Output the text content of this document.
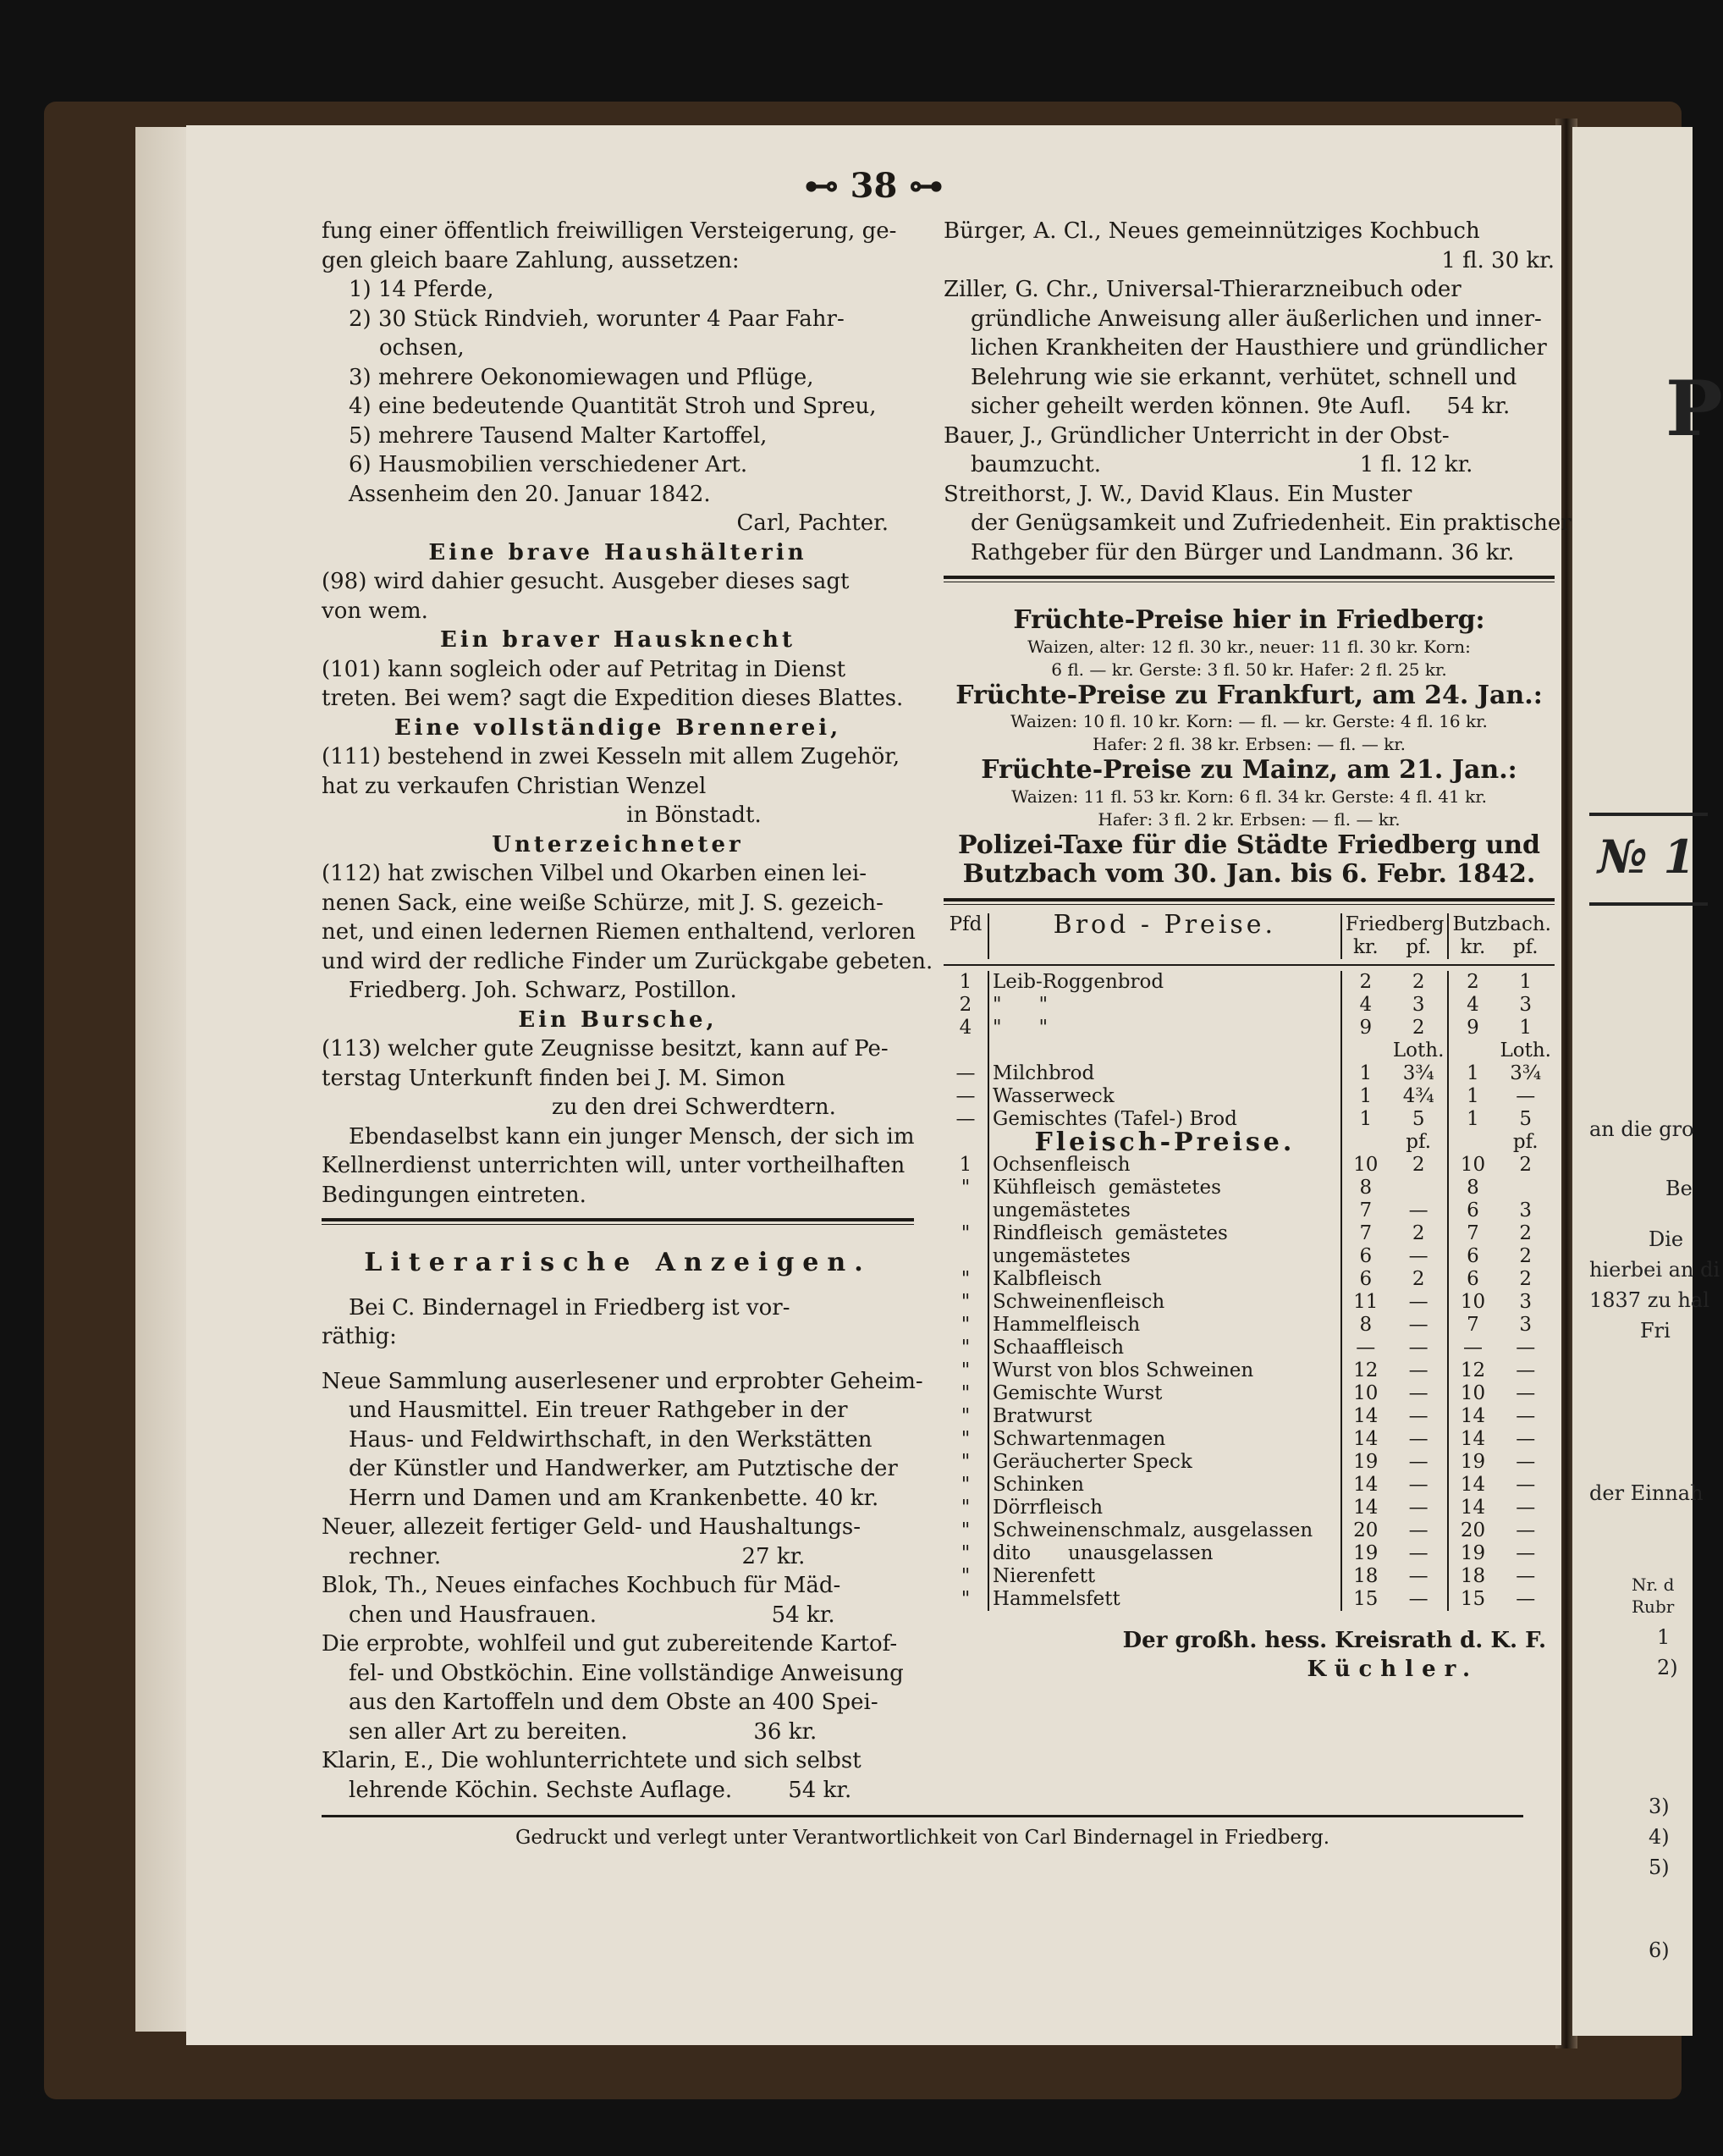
⊷ 38 ⊶
fung einer öffentlich freiwilligen Versteigerung, ge-
gen gleich baare Zahlung, aussetzen:
1) 14 Pferde,
2) 30 Stück Rindvieh, worunter 4 Paar Fahr-
ochsen,
3) mehrere Oekonomiewagen und Pflüge,
4) eine bedeutende Quantität Stroh und Spreu,
5) mehrere Tausend Malter Kartoffel,
6) Hausmobilien verschiedener Art.
Assenheim den 20. Januar 1842.
Carl, Pachter.
Eine brave Haushälterin
(98) wird dahier gesucht. Ausgeber dieses sagt
von wem.
Ein braver Hausknecht
(101) kann sogleich oder auf Petritag in Dienst
treten. Bei wem? sagt die Expedition dieses Blattes.
Eine vollständige Brennerei,
(111) bestehend in zwei Kesseln mit allem Zugehör,
hat zu verkaufen Christian Wenzel
in Bönstadt.
Unterzeichneter
(112) hat zwischen Vilbel und Okarben einen lei-
nenen Sack, eine weiße Schürze, mit J. S. gezeich-
net, und einen ledernen Riemen enthaltend, verloren
und wird der redliche Finder um Zurückgabe gebeten.
Friedberg. Joh. Schwarz, Postillon.
Ein Bursche,
(113) welcher gute Zeugnisse besitzt, kann auf Pe-
terstag Unterkunft finden bei J. M. Simon
zu den drei Schwerdtern.
Ebendaselbst kann ein junger Mensch, der sich im
Kellnerdienst unterrichten will, unter vortheilhaften
Bedingungen eintreten.
Literarische Anzeigen.
Bei C. Bindernagel in Friedberg ist vor-
räthig:
Neue Sammlung auserlesener und erprobter Geheim-
und Hausmittel. Ein treuer Rathgeber in der
Haus- und Feldwirthschaft, in den Werkstätten
der Künstler und Handwerker, am Putztische der
Herrn und Damen und am Krankenbette. 40 kr.
Neuer, allezeit fertiger Geld- und Haushaltungs-
rechner.                                           27 kr.
Blok, Th., Neues einfaches Kochbuch für Mäd-
chen und Hausfrauen.                         54 kr.
Die erprobte, wohlfeil und gut zubereitende Kartof-
fel- und Obstköchin. Eine vollständige Anweisung
aus den Kartoffeln und dem Obste an 400 Spei-
sen aller Art zu bereiten.                  36 kr.
Klarin, E., Die wohlunterrichtete und sich selbst
lehrende Köchin. Sechste Auflage.        54 kr.
Bürger, A. Cl., Neues gemeinnütziges Kochbuch
1 fl. 30 kr.
Ziller, G. Chr., Universal-Thierarzneibuch oder
gründliche Anweisung aller äußerlichen und inner-
lichen Krankheiten der Hausthiere und gründlicher
Belehrung wie sie erkannt, verhütet, schnell und
sicher geheilt werden können. 9te Aufl.     54 kr.
Bauer, J., Gründlicher Unterricht in der Obst-
baumzucht.                                     1 fl. 12 kr.
Streithorst, J. W., David Klaus. Ein Muster
der Genügsamkeit und Zufriedenheit. Ein praktischer
Rathgeber für den Bürger und Landmann. 36 kr.
Früchte-Preise hier in Friedberg:
Waizen, alter: 12 fl. 30 kr., neuer: 11 fl. 30 kr. Korn:
6 fl. — kr. Gerste: 3 fl. 50 kr. Hafer: 2 fl. 25 kr.
Früchte-Preise zu Frankfurt, am 24. Jan.:
Waizen: 10 fl. 10 kr. Korn: — fl. — kr. Gerste: 4 fl. 16 kr.
Hafer: 2 fl. 38 kr. Erbsen: — fl. — kr.
Früchte-Preise zu Mainz, am 21. Jan.:
Waizen: 11 fl. 53 kr. Korn: 6 fl. 34 kr. Gerste: 4 fl. 41 kr.
Hafer: 3 fl. 2 kr. Erbsen: — fl. — kr.
Polizei-Taxe für die Städte Friedberg und
Butzbach vom 30. Jan. bis 6. Febr. 1842.
Pfd	Brod - Preise.	Friedberg		Butzbach.	
		kr.	pf.	kr.	pf.

1	Leib-Roggenbrod	2	2	2	1
2	"      "	4	3	4	3
4	"      "	9	2	9	1
			Loth.		Loth.
—	Milchbrod	1	3¾	1	3¾
—	Wasserweck	1	4¾	1	—
—	Gemischtes (Tafel-) Brod	1	5	1	5
	Fleisch-Preise.		pf.		pf.
1	Ochsenfleisch	10	2	10	2
"	Kühfleisch  gemästetes	8		8	
	ungemästetes	7	—	6	3
"	Rindfleisch  gemästetes	7	2	7	2
	ungemästetes	6	—	6	2
"	Kalbfleisch	6	2	6	2
"	Schweinenfleisch	11	—	10	3
"	Hammelfleisch	8	—	7	3
"	Schaaffleisch	—	—	—	—
"	Wurst von blos Schweinen	12	—	12	—
"	Gemischte Wurst	10	—	10	—
"	Bratwurst	14	—	14	—
"	Schwartenmagen	14	—	14	—
"	Geräucherter Speck	19	—	19	—
"	Schinken	14	—	14	—
"	Dörrfleisch	14	—	14	—
"	Schweinenschmalz, ausgelassen	20	—	20	—
"	dito      unausgelassen	19	—	19	—
"	Nierenfett	18	—	18	—
"	Hammelsfett	15	—	15	—
Der großh. hess. Kreisrath d. K. F.
Küchler.
Gedruckt und verlegt unter Verantwortlichkeit von Carl Bindernagel in Friedberg.
P
№ 1
an die gro
Be
Die
hierbei an di
1837 zu hal
Fri
der Einnah
Nr. d
Rubr
1
2)
3)
4)
5)
6)
